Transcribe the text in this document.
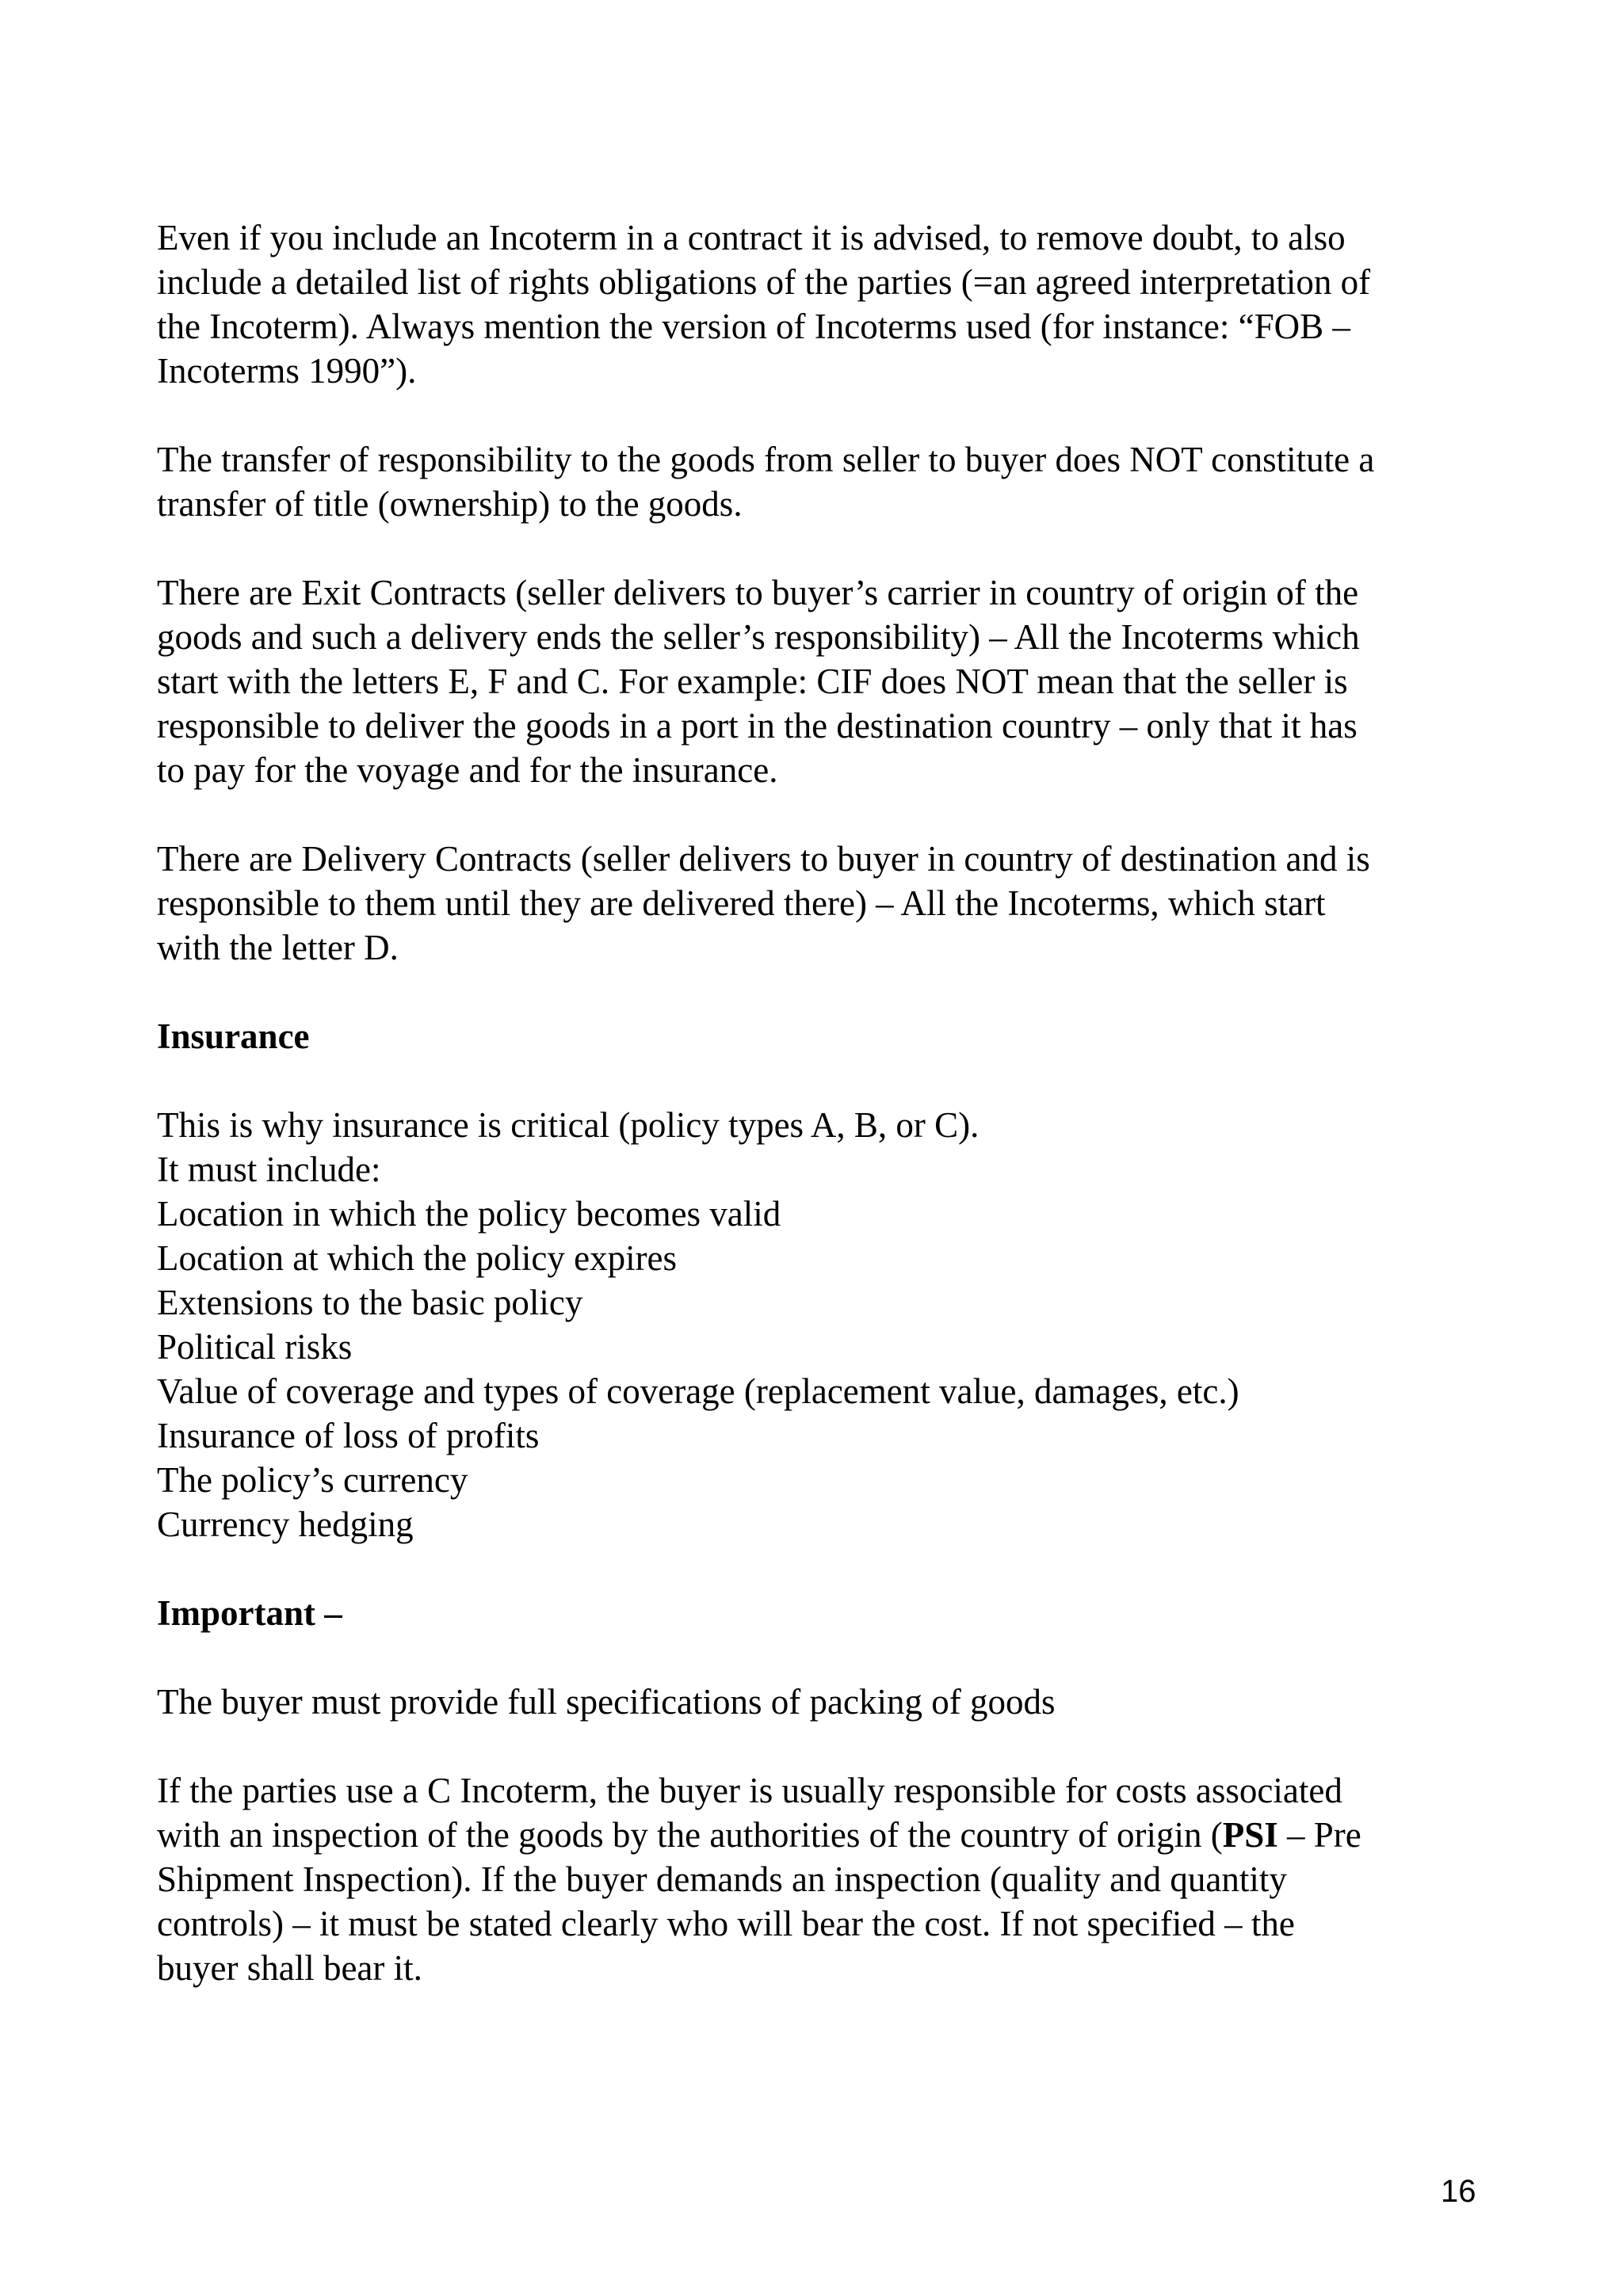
Even if you include an Incoterm in a contract it is advised, to remove doubt, to also
include a detailed list of rights obligations of the parties (=an agreed interpretation of
the Incoterm). Always mention the version of Incoterms used (for instance: “FOB –
Incoterms 1990”).
The transfer of responsibility to the goods from seller to buyer does NOT constitute a
transfer of title (ownership) to the goods.
There are Exit Contracts (seller delivers to buyer’s carrier in country of origin of the
goods and such a delivery ends the seller’s responsibility) – All the Incoterms which
start with the letters E, F and C. For example: CIF does NOT mean that the seller is
responsible to deliver the goods in a port in the destination country – only that it has
to pay for the voyage and for the insurance.
There are Delivery Contracts (seller delivers to buyer in country of destination and is
responsible to them until they are delivered there) – All the Incoterms, which start
with the letter D.
Insurance
This is why insurance is critical (policy types A, B, or C).
It must include:
Location in which the policy becomes valid
Location at which the policy expires
Extensions to the basic policy
Political risks
Value of coverage and types of coverage (replacement value, damages, etc.)
Insurance of loss of profits
The policy’s currency
Currency hedging
Important –
The buyer must provide full specifications of packing of goods
If the parties use a C Incoterm, the buyer is usually responsible for costs associated
with an inspection of the goods by the authorities of the country of origin (PSI – Pre
Shipment Inspection). If the buyer demands an inspection (quality and quantity
controls) – it must be stated clearly who will bear the cost. If not specified – the
buyer shall bear it.
16
